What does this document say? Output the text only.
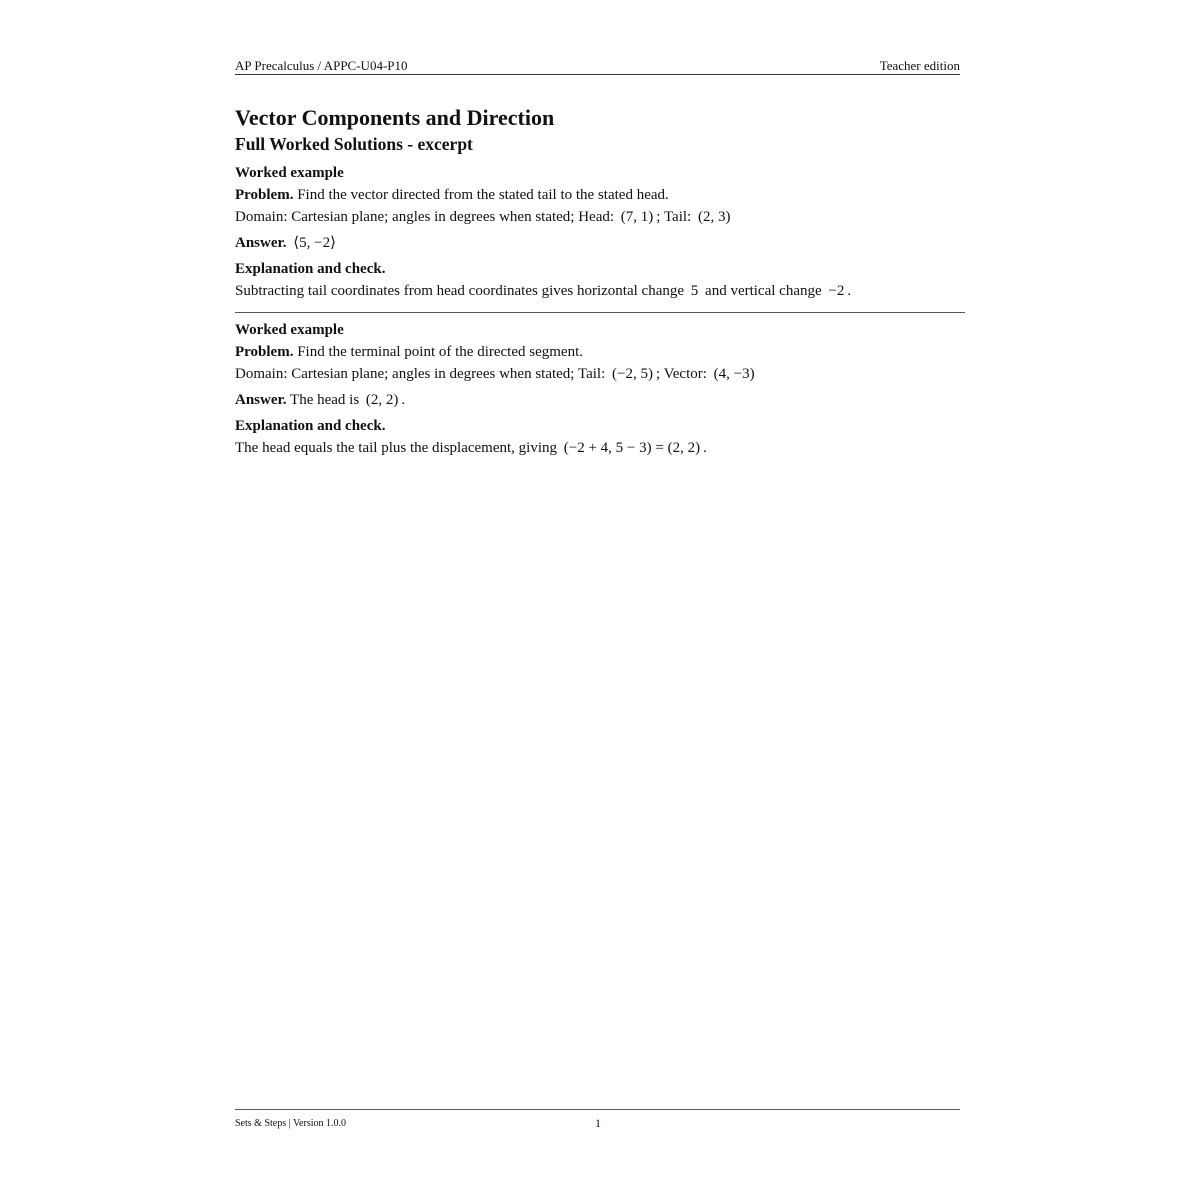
AP Precalculus / APPC-U04-P10	Teacher edition
Vector Components and Direction
Full Worked Solutions - excerpt
Worked example
Problem. Find the vector directed from the stated tail to the stated head.
Domain: Cartesian plane; angles in degrees when stated; Head: (7, 1) ; Tail: (2, 3)
Answer. ⟨5, −2⟩
Explanation and check.
Subtracting tail coordinates from head coordinates gives horizontal change 5 and vertical change −2 .
Worked example
Problem. Find the terminal point of the directed segment.
Domain: Cartesian plane; angles in degrees when stated; Tail: (−2, 5) ; Vector: (4, −3)
Answer. The head is (2, 2) .
Explanation and check.
The head equals the tail plus the displacement, giving (−2 + 4, 5 − 3) = (2, 2) .
Sets & Steps | Version 1.0.0	1
